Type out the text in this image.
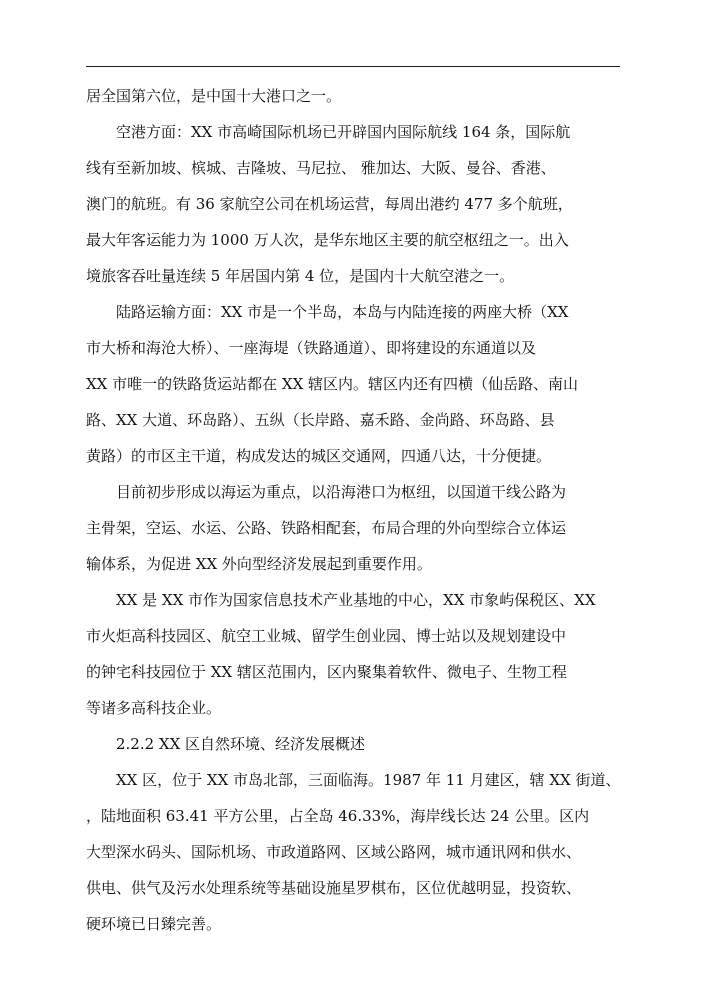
居全国第六位，是中国十大港口之一。

空港方面：XX 市高崎国际机场已开辟国内国际航线 164 条，国际航
线有至新加坡、槟城、吉隆坡、马尼拉、 雅加达、大阪、曼谷、香港、
澳门的航班。有 36 家航空公司在机场运营，每周出港约 477 多个航班，
最大年客运能力为 1000 万人次，是华东地区主要的航空枢纽之一。出入
境旅客吞吐量连续 5 年居国内第 4 位，是国内十大航空港之一。

陆路运输方面：XX 市是一个半岛，本岛与内陆连接的两座大桥（XX
市大桥和海沧大桥）、一座海堤（铁路通道）、即将建设的东通道以及
XX 市唯一的铁路货运站都在 XX 辖区内。辖区内还有四横（仙岳路、南山
路、XX 大道、环岛路）、五纵（长岸路、嘉禾路、金尚路、环岛路、县
黄路）的市区主干道，构成发达的城区交通网，四通八达，十分便捷。

目前初步形成以海运为重点，以沿海港口为枢纽，以国道干线公路为
主骨架，空运、水运、公路、铁路相配套，布局合理的外向型综合立体运
输体系，为促进 XX 外向型经济发展起到重要作用。

XX 是 XX 市作为国家信息技术产业基地的中心，XX 市象屿保税区、XX
市火炬高科技园区、航空工业城、留学生创业园、博士站以及规划建设中
的钟宅科技园位于 XX 辖区范围内，区内聚集着软件、微电子、生物工程
等诸多高科技企业。

2.2.2 XX 区自然环境、经济发展概述

XX 区，位于 XX 市岛北部，三面临海。1987 年 11 月建区，辖 XX 街道、
，陆地面积 63.41 平方公里，占全岛 46.33%，海岸线长达 24 公里。区内
大型深水码头、国际机场、市政道路网、区域公路网，城市通讯网和供水、
供电、供气及污水处理系统等基础设施星罗棋布，区位优越明显，投资软、
硬环境已日臻完善。
